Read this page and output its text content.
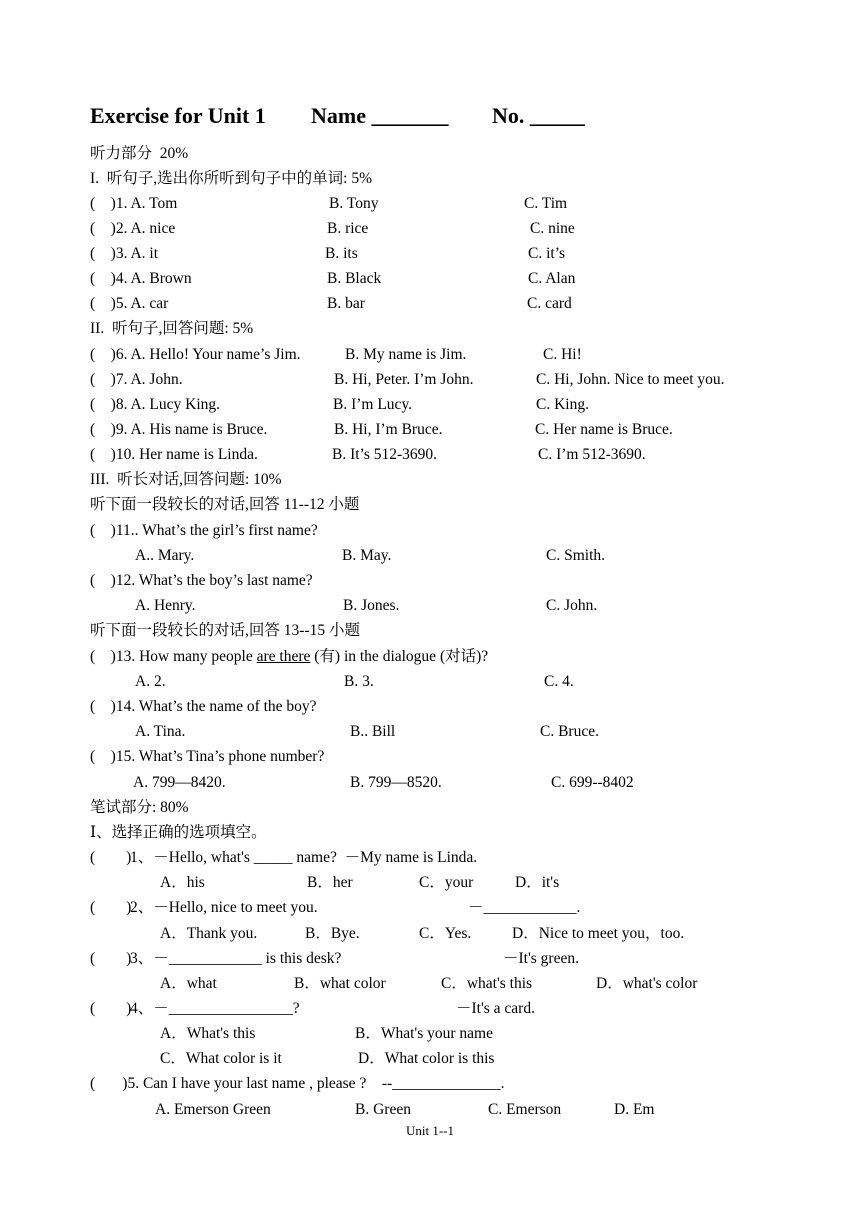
Exercise for Unit 1 Name _______ No. _____
听力部分  20%
I.  听句子,选出你所听到句子中的单词: 5%
(    )1. A. Tom	B. Tony	C. Tim
(    )2. A. nice	B. rice	C. nine
(    )3. A. it	B. its	C. it’s
(    )4. A. Brown	B. Black	C. Alan
(    )5. A. car	B. bar	C. card
II.  听句子,回答问题: 5%
(    )6. A. Hello! Your name’s Jim.	B. My name is Jim.	C. Hi!
(    )7. A. John.	B. Hi, Peter. I’m John.	C. Hi, John. Nice to meet you.
(    )8. A. Lucy King.	B. I’m Lucy.	C. King.
(    )9. A. His name is Bruce.	B. Hi, I’m Bruce.	C. Her name is Bruce.
(    )10. Her name is Linda.	B. It’s 512-3690.	C. I’m 512-3690.
III.  听长对话,回答问题: 10%
听下面一段较长的对话,回答 11--12 小题
(    )11.. What’s the girl’s first name?
A.. Mary.	B. May.	C. Smith.
(    )12. What’s the boy’s last name?
A. Henry.	B. Jones.	C. John.
听下面一段较长的对话,回答 13--15 小题
(    )13. How many people are there (有) in the dialogue (对话)?
A. 2.	B. 3.	C. 4.
(    )14. What’s the name of the boy?
A. Tina.	B.. Bill	C. Bruce.
(    )15. What’s Tina’s phone number?
A. 799—8420.	B. 799—8520.	C. 699--8402
笔试部分: 80%
Ⅰ、选择正确的选项填空。
(        )
1、－Hello, what's _____ name?  －My name is Linda.
A．his	B．her	C．your	D．it's
(        )
2、－Hello, nice to meet you.	－____________.
A．Thank you.	B．Bye.	C．Yes.	D．Nice to meet you，too.
(        )
3、－____________ is this desk?	－It's green.
A．what	B．what color	C．what's this	D．what's color
(        )
4、－________________?	－It's a card.
A．What's this	B．What's your name
C．What color is it	D．What color is this
(       )5. Can I have your last name , please ?    --______________.
A. Emerson Green	B. Green	C. Emerson	D. Em
Unit 1--1
